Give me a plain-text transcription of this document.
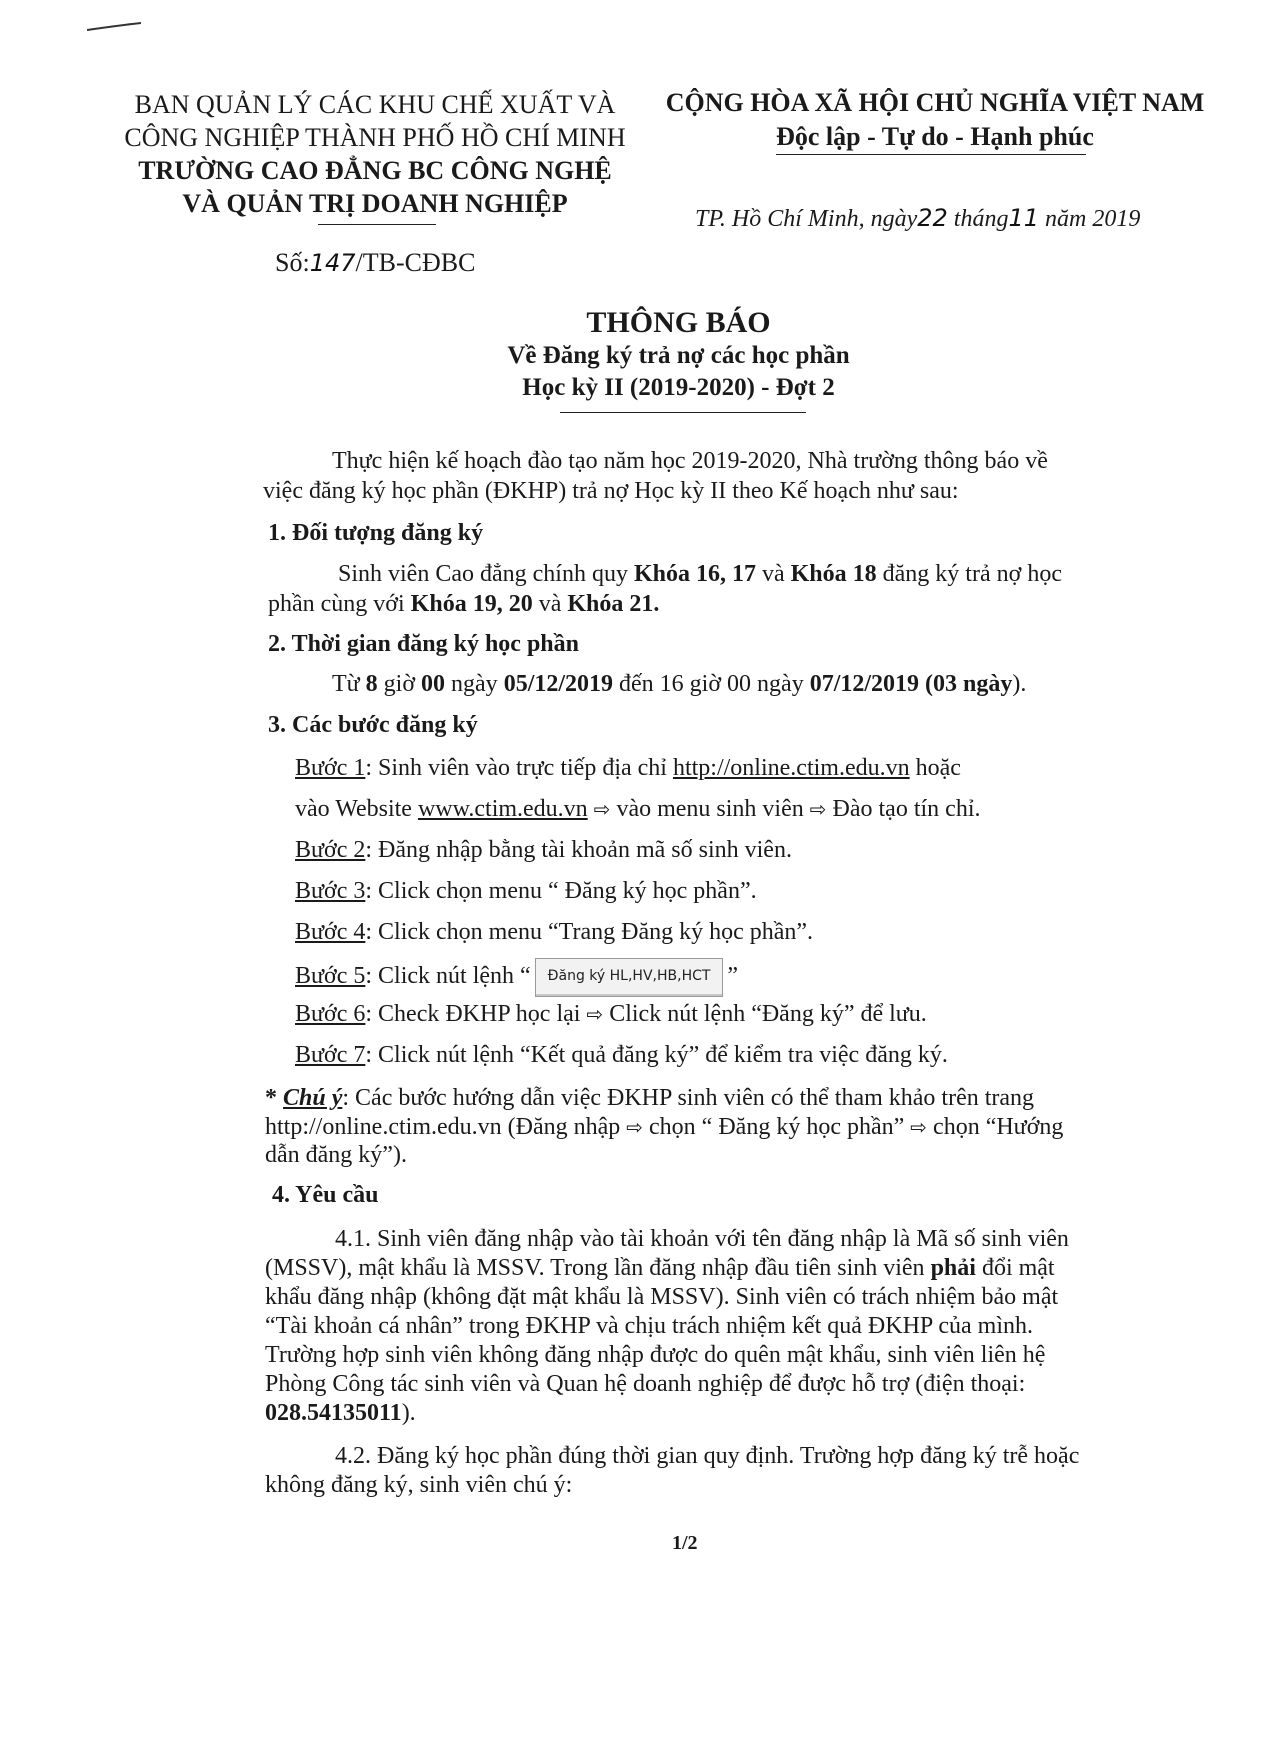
BAN QUẢN LÝ CÁC KHU CHẾ XUẤT VÀ
CÔNG NGHIỆP THÀNH PHỐ HỒ CHÍ MINH
TRƯỜNG CAO ĐẲNG BC CÔNG NGHỆ
VÀ QUẢN TRỊ DOANH NGHIỆP
CỘNG HÒA XÃ HỘI CHỦ NGHĨA VIỆT NAM
Độc lập - Tự do - Hạnh phúc
Số:147/TB-CĐBC
TP. Hồ Chí Minh, ngày22 tháng11 năm 2019
THÔNG BÁO
Về Đăng ký trả nợ các học phần
Học kỳ II (2019-2020) - Đợt 2
Thực hiện kế hoạch đào tạo năm học 2019-2020, Nhà trường thông báo về
việc đăng ký học phần (ĐKHP) trả nợ Học kỳ II theo Kế hoạch như sau:
1. Đối tượng đăng ký
Sinh viên Cao đẳng chính quy Khóa 16, 17 và Khóa 18 đăng ký trả nợ học
phần cùng với Khóa 19, 20 và Khóa 21.
2. Thời gian đăng ký học phần
Từ 8 giờ 00 ngày 05/12/2019 đến 16 giờ 00 ngày 07/12/2019 (03 ngày).
3. Các bước đăng ký
Bước 1: Sinh viên vào trực tiếp địa chỉ http://online.ctim.edu.vn hoặc
vào Website www.ctim.edu.vn ⇨ vào menu sinh viên ⇨ Đào tạo tín chỉ.
Bước 2: Đăng nhập bằng tài khoản mã số sinh viên.
Bước 3: Click chọn menu “ Đăng ký học phần”.
Bước 4: Click chọn menu “Trang Đăng ký học phần”.
Bước 5: Click nút lệnh “ Đăng ký HL,HV,HB,HCT ”
Bước 6: Check ĐKHP học lại ⇨ Click nút lệnh “Đăng ký” để lưu.
Bước 7: Click nút lệnh “Kết quả đăng ký” để kiểm tra việc đăng ký.
* Chú ý: Các bước hướng dẫn việc ĐKHP sinh viên có thể tham khảo trên trang
http://online.ctim.edu.vn (Đăng nhập ⇨ chọn “ Đăng ký học phần” ⇨ chọn “Hướng
dẫn đăng ký”).
4. Yêu cầu
4.1. Sinh viên đăng nhập vào tài khoản với tên đăng nhập là Mã số sinh viên
(MSSV), mật khẩu là MSSV. Trong lần đăng nhập đầu tiên sinh viên phải đổi mật
khẩu đăng nhập (không đặt mật khẩu là MSSV). Sinh viên có trách nhiệm bảo mật
“Tài khoản cá nhân” trong ĐKHP và chịu trách nhiệm kết quả ĐKHP của mình.
Trường hợp sinh viên không đăng nhập được do quên mật khẩu, sinh viên liên hệ
Phòng Công tác sinh viên và Quan hệ doanh nghiệp để được hỗ trợ (điện thoại:
028.54135011).
4.2. Đăng ký học phần đúng thời gian quy định. Trường hợp đăng ký trễ hoặc
không đăng ký, sinh viên chú ý:
1/2
